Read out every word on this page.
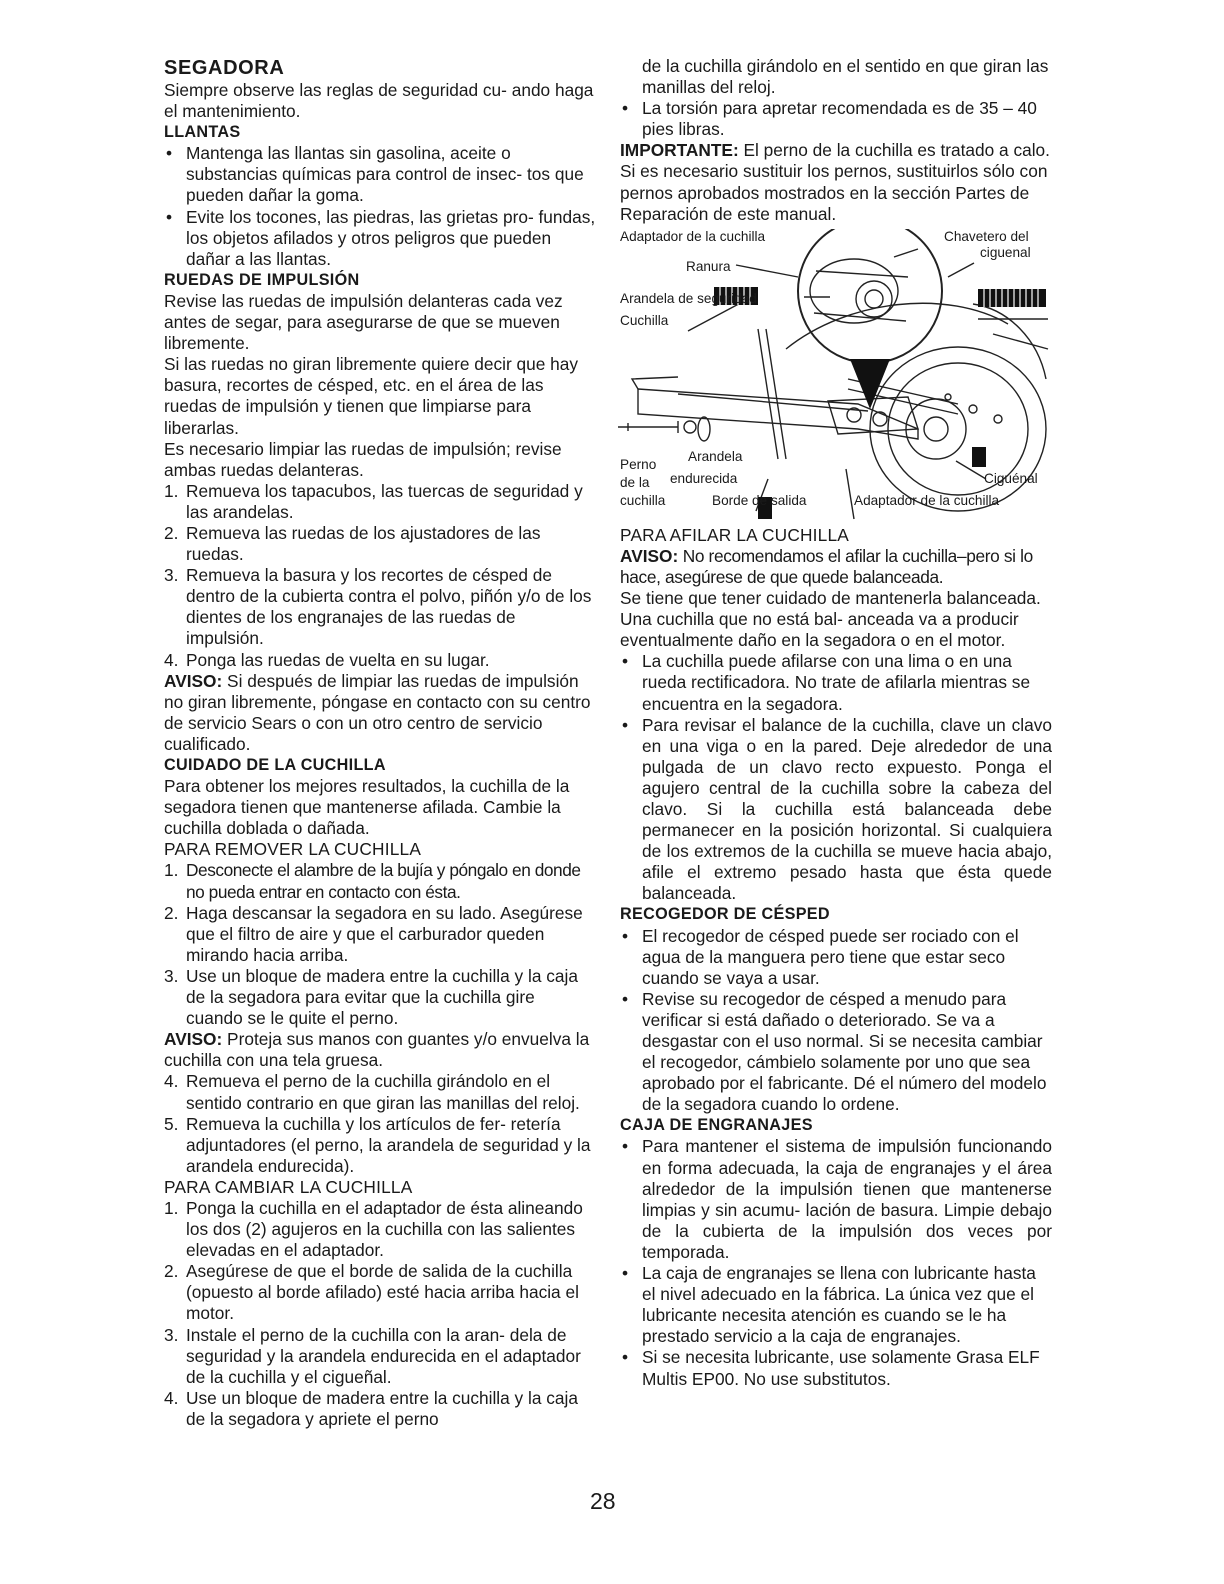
SEGADORA

Siempre observe las reglas de seguridad cu- ando haga el mantenimiento.

LLANTAS

• Mantenga las llantas sin gasolina, aceite o substancias químicas para control de insec- tos que pueden dañar la goma.
• Evite los tocones, las piedras, las grietas pro- fundas, los objetos afilados y otros peligros que pueden dañar a las llantas.

RUEDAS DE IMPULSIÓN

Revise las ruedas de impulsión delanteras cada vez antes de segar, para asegurarse de que se mueven libremente.

Si las ruedas no giran libremente quiere decir que hay basura, recortes de césped, etc. en el área de las ruedas de impulsión y tienen que limpiarse para liberarlas.

Es necesario limpiar las ruedas de impulsión; revise ambas ruedas delanteras.

1. Remueva los tapacubos, las tuercas de seguridad y las arandelas.
2. Remueva las ruedas de los ajustadores de las ruedas.
3. Remueva la basura y los recortes de césped de dentro de la cubierta contra el polvo, piñón y/o de los dientes de los engranajes de las ruedas de impulsión.
4. Ponga las ruedas de vuelta en su lugar.

AVISO: Si después de limpiar las ruedas de impulsión no giran libremente, póngase en contacto con su centro de servicio Sears o con un otro centro de servicio cualificado.

CUIDADO DE LA CUCHILLA

Para obtener los mejores resultados, la cuchilla de la segadora tienen que mantenerse afilada. Cambie la cuchilla doblada o dañada.

PARA REMOVER LA CUCHILLA

1. Desconecte el alambre de la bujía y póngalo en donde no pueda entrar en contacto con ésta.
2. Haga descansar la segadora en su lado. Asegúrese que el filtro de aire y que el carburador queden mirando hacia arriba.
3. Use un bloque de madera entre la cuchilla y la caja de la segadora para evitar que la cuchilla gire cuando se le quite el perno.

AVISO: Proteja sus manos con guantes y/o envuelva la cuchilla con una tela gruesa.

4. Remueva el perno de la cuchilla girándolo en el sentido contrario en que giran las manillas del reloj.
5. Remueva la cuchilla y los artículos de fer- retería adjuntadores (el perno, la arandela de seguridad y la arandela endurecida).

PARA CAMBIAR LA CUCHILLA

1. Ponga la cuchilla en el adaptador de ésta alineando los dos (2) agujeros en la cuchilla con las salientes elevadas en el adaptador.
2. Asegúrese de que el borde de salida de la cuchilla (opuesto al borde afilado) esté hacia arriba hacia el motor.
3. Instale el perno de la cuchilla con la aran- dela de seguridad y la arandela endurecida en el adaptador de la cuchilla y el cigueñal.
4. Use un bloque de madera entre la cuchilla y la caja de la segadora y apriete el perno

de la cuchilla girándolo en el sentido en que giran las manillas del reloj.

• La torsión para apretar recomendada es de 35 – 40 pies libras.

IMPORTANTE: El perno de la cuchilla es tratado a calo. Si es necesario sustituir los pernos, sustituirlos sólo con pernos aprobados mostrados en la sección Partes de Reparación de este manual.

Adaptador de la cuchilla	Chavetero del
ciguenal
Ranura
Arandela de seguridad
Cuchilla
Perno
de la
cuchilla
Arandela
endurecida
Borde de salida
Ciguénal
Adaptador de la cuchilla

PARA AFILAR LA CUCHILLA

AVISO: No recomendamos el afilar la cuchilla–pero si lo hace, asegúrese de que quede balanceada.

Se tiene que tener cuidado de mantenerla balanceada. Una cuchilla que no está bal- anceada va a producir eventualmente daño en la segadora o en el motor.

• La cuchilla puede afilarse con una lima o en una rueda rectificadora. No trate de afilarla mientras se encuentra en la segadora.
• Para revisar el balance de la cuchilla, clave un clavo en una viga o en la pared. Deje alrededor de una pulgada de un clavo recto expuesto. Ponga el agujero central de la cuchilla sobre la cabeza del clavo. Si la cuchilla está balanceada debe permanecer en la posición horizontal. Si cualquiera de los extremos de la cuchilla se mueve hacia abajo, afile el extremo pesado hasta que ésta quede balanceada.

RECOGEDOR DE CÉSPED

• El recogedor de césped puede ser rociado con el agua de la manguera pero tiene que estar seco cuando se vaya a usar.
• Revise su recogedor de césped a menudo para verificar si está dañado o deteriorado. Se va a desgastar con el uso normal. Si se necesita cambiar el recogedor, cámbielo solamente por uno que sea aprobado por el fabricante. Dé el número del modelo de la segadora cuando lo ordene.

CAJA DE ENGRANAJES

• Para mantener el sistema de impulsión funcionando en forma adecuada, la caja de engranajes y el área alrededor de la impulsión tienen que mantenerse limpias y sin acumu- lación de basura. Limpie debajo de la cubierta de la impulsión dos veces por temporada.
• La caja de engranajes se llena con lubricante hasta el nivel adecuado en la fábrica. La única vez que el lubricante necesita atención es cuando se le ha prestado servicio a la caja de engranajes.
• Si se necesita lubricante, use solamente Grasa ELF Multis EP00. No use substitutos.
28
